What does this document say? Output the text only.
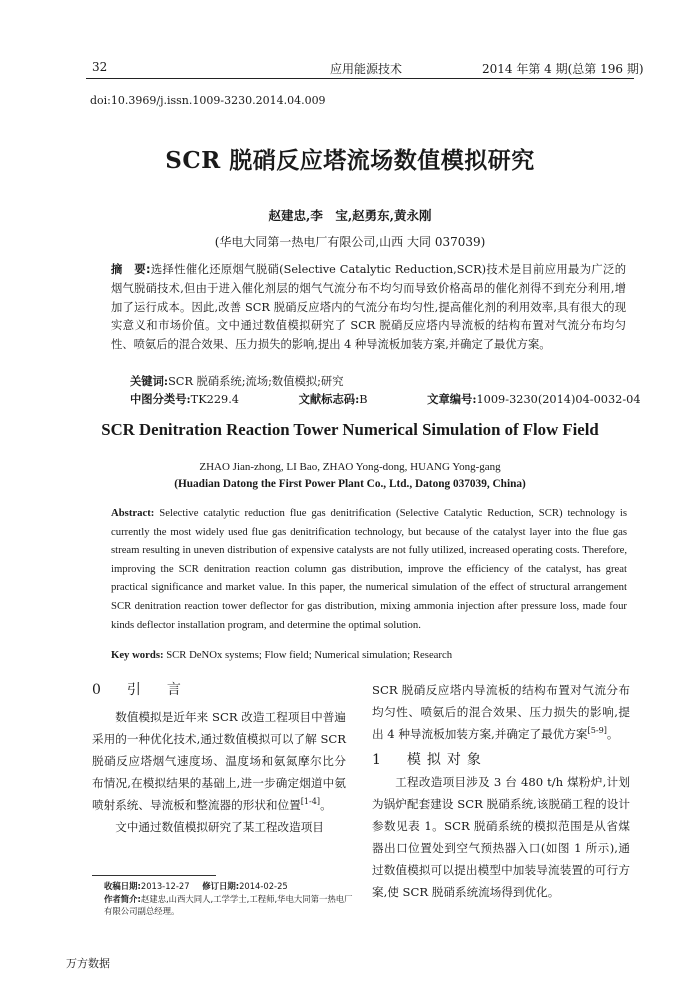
32	应用能源技术	2014 年第 4 期(总第 196 期)
doi:10.3969/j.issn.1009-3230.2014.04.009
SCR 脱硝反应塔流场数值模拟研究
赵建忠,李　宝,赵勇东,黄永刚
(华电大同第一热电厂有限公司,山西 大同 037039)
摘　要:选择性催化还原烟气脱硝(Selective Catalytic Reduction,SCR)技术是目前应用最为广泛的烟气脱硝技术,但由于进入催化剂层的烟气气流分布不均匀而导致价格高昂的催化剂得不到充分利用,增加了运行成本。因此,改善 SCR 脱硝反应塔内的气流分布均匀性,提高催化剂的利用效率,具有很大的现实意义和市场价值。文中通过数值模拟研究了 SCR 脱硝反应塔内导流板的结构布置对气流分布均匀性、喷氨后的混合效果、压力损失的影响,提出 4 种导流板加装方案,并确定了最优方案。
关键词:SCR 脱硝系统;流场;数值模拟;研究
中图分类号:TK229.4	文献标志码:B	文章编号:1009-3230(2014)04-0032-04
SCR Denitration Reaction Tower Numerical Simulation of Flow Field
ZHAO Jian-zhong, LI Bao, ZHAO Yong-dong, HUANG Yong-gang
(Huadian Datong the First Power Plant Co., Ltd., Datong 037039, China)
Abstract: Selective catalytic reduction flue gas denitrification (Selective Catalytic Reduction, SCR) technology is currently the most widely used flue gas denitrification technology, but because of the catalyst layer into the flue gas stream resulting in uneven distribution of expensive catalysts are not fully utilized, increased operating costs. Therefore, improving the SCR denitration reaction column gas distribution, improve the efficiency of the catalyst, has great practical significance and market value. In this paper, the numerical simulation of the effect of structural arrangement SCR denitration reaction tower deflector for gas distribution, mixing ammonia injection after pressure loss, made four kinds deflector installation program, and determine the optimal solution.
Key words: SCR DeNOx systems; Flow field; Numerical simulation; Research
0　引　言

数值模拟是近年来 SCR 改造工程项目中普遍采用的一种优化技术,通过数值模拟可以了解 SCR 脱硝反应塔烟气速度场、温度场和氨氮摩尔比分布情况,在模拟结果的基础上,进一步确定烟道中氨喷射系统、导流板和整流器的形状和位置[1-4]。

文中通过数值模拟研究了某工程改造项目

SCR 脱硝反应塔内导流板的结构布置对气流分布均匀性、喷氨后的混合效果、压力损失的影响,提出 4 种导流板加装方案,并确定了最优方案[5-9]。

1　模拟对象

工程改造项目涉及 3 台 480 t/h 煤粉炉,计划为锅炉配套建设 SCR 脱硝系统,该脱硝工程的设计参数见表 1。SCR 脱硝系统的模拟范围是从省煤器出口位置处到空气预热器入口(如图 1 所示),通过数值模拟可以提出模型中加装导流装置的可行方案,使 SCR 脱硝系统流场得到优化。

收稿日期:2013-12-27 修订日期:2014-02-25
作者简介:赵建忠,山西大同人,工学学士,工程师,华电大同第一热电厂有限公司副总经理。
万方数据
